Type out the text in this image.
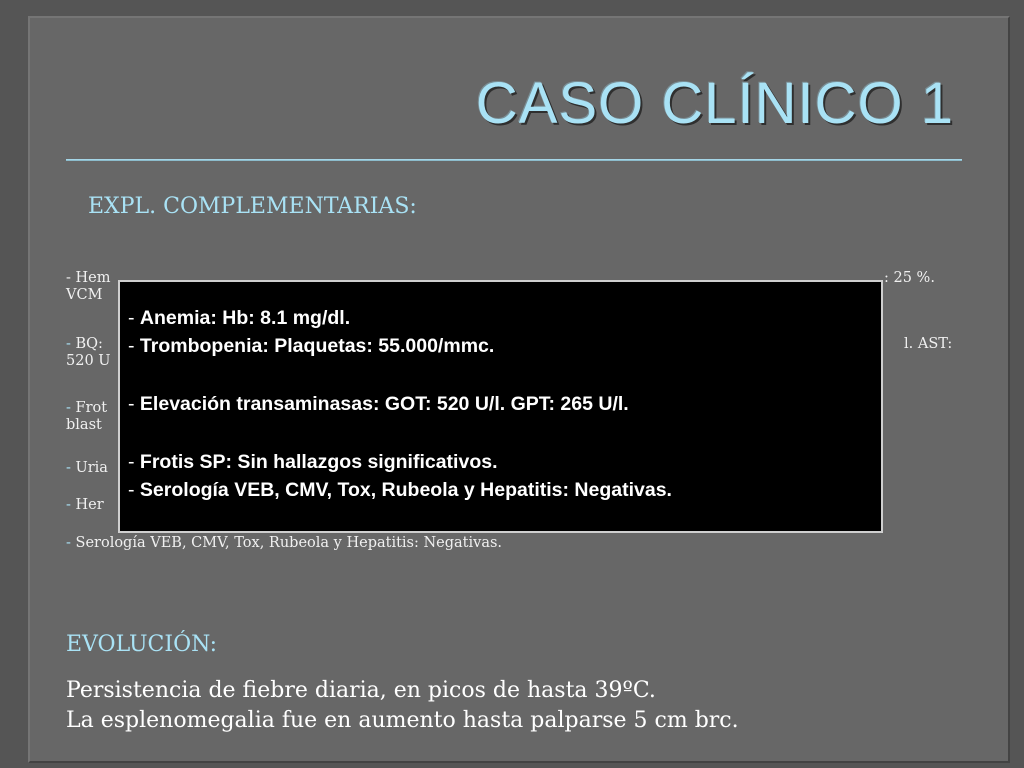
CASO CLÍNICO 1
EXPL. COMPLEMENTARIAS:
- Hem	: 25 %.
VCM
- BQ:	l. AST:
520 U
- Frot
blast
- Uria
- Her
- Serología VEB, CMV, Tox, Rubeola y Hepatitis: Negativas.
- Anemia: Hb: 8.1 mg/dl.
- Trombopenia: Plaquetas: 55.000/mmc.
- Elevación transaminasas: GOT: 520 U/l. GPT: 265 U/l.
- Frotis SP: Sin hallazgos significativos.
- Serología VEB, CMV, Tox, Rubeola y Hepatitis: Negativas.
EVOLUCIÓN:
Persistencia de fiebre diaria, en picos de hasta 39ºC.
La esplenomegalia fue en aumento hasta palparse 5 cm brc.
